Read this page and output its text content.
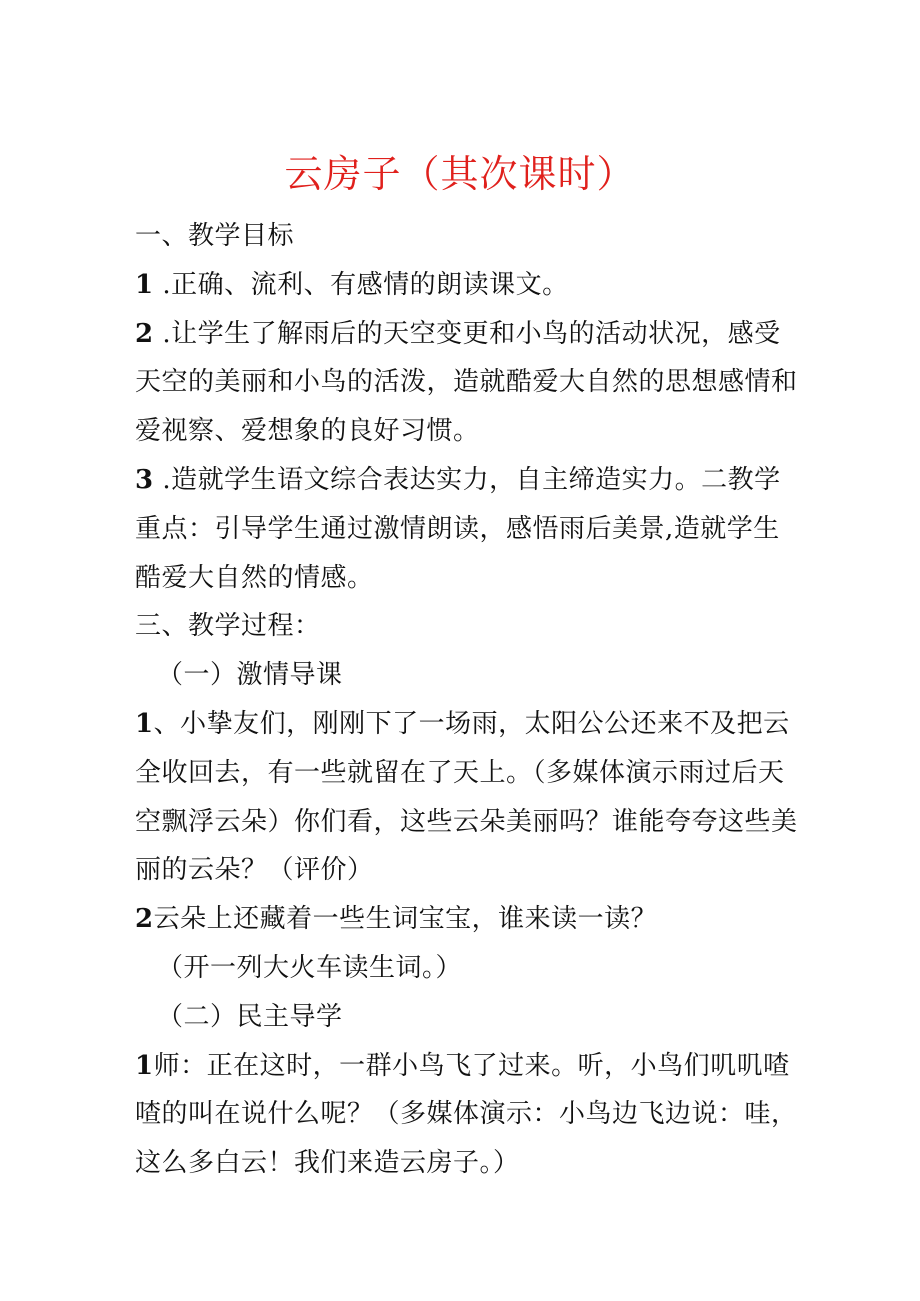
云房子（其次课时）
一、教学目标
1 .正确、流利、有感情的朗读课文。
2 .让学生了解雨后的天空变更和小鸟的活动状况，感受
天空的美丽和小鸟的活泼，造就酷爱大自然的思想感情和
爱视察、爱想象的良好习惯。
3 .造就学生语文综合表达实力，自主缔造实力。二教学
重点：引导学生通过激情朗读，感悟雨后美景,造就学生
酷爱大自然的情感。
三、教学过程：
（一）激情导课
1、小挚友们，刚刚下了一场雨，太阳公公还来不及把云
全收回去，有一些就留在了天上。（多媒体演示雨过后天
空飘浮云朵）你们看，这些云朵美丽吗？谁能夸夸这些美
丽的云朵？（评价）
2云朵上还藏着一些生词宝宝，谁来读一读？
（开一列大火车读生词。）
（二）民主导学
1师：正在这时，一群小鸟飞了过来。听，小鸟们叽叽喳
喳的叫在说什么呢？（多媒体演示：小鸟边飞边说：哇，
这么多白云！我们来造云房子。）
